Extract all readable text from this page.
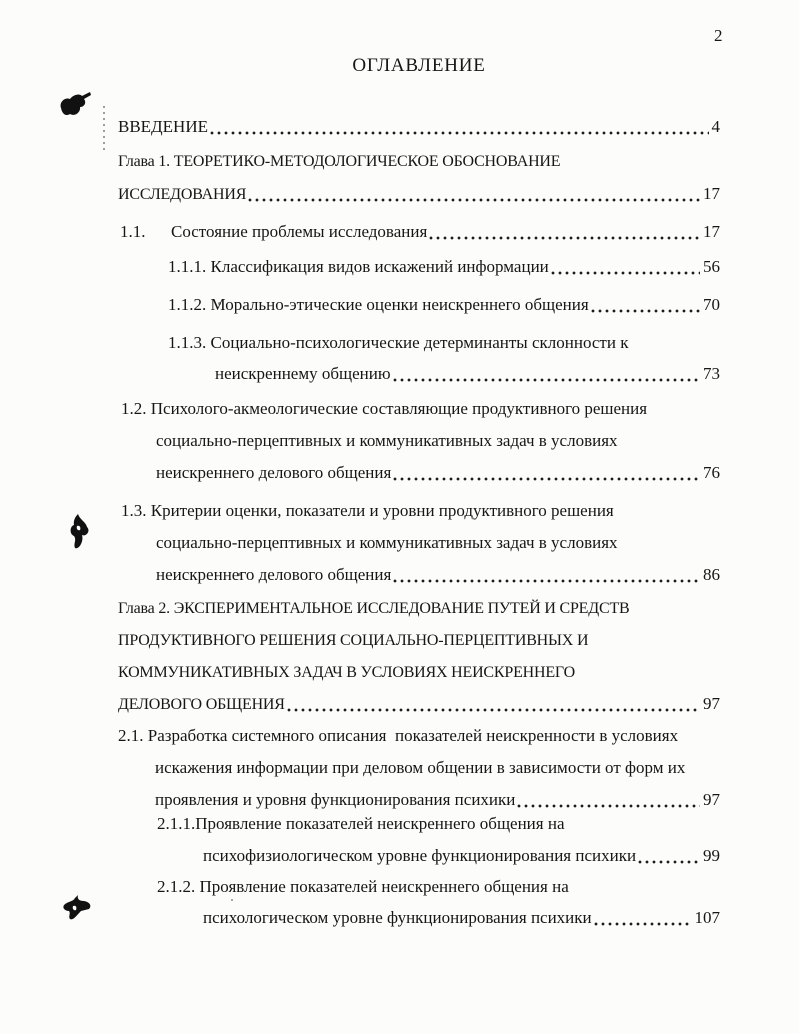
2
ОГЛАВЛЕНИЕ
ВВЕДЕНИЕ	4
Глава 1. ТЕОРЕТИКО-МЕТОДОЛОГИЧЕСКОЕ ОБОСНОВАНИЕ
ИССЛЕДОВАНИЯ	17
1.1.      Состояние проблемы исследования	17
1.1.1. Классификация видов искажений информации	56
1.1.2. Морально-этические оценки неискреннего общения	70
1.1.3. Социально-психологические детерминанты склонности к
неискреннему общению	73
1.2. Психолого-акмеологические составляющие продуктивного решения
социально-перцептивных и коммуникативных задач в условиях
неискреннего делового общения	76
1.3. Критерии оценки, показатели и уровни продуктивного решения
социально-перцептивных и коммуникативных задач в условиях
неискреннего делового общения	86
Глава 2. ЭКСПЕРИМЕНТАЛЬНОЕ ИССЛЕДОВАНИЕ ПУТЕЙ И СРЕДСТВ
ПРОДУКТИВНОГО РЕШЕНИЯ СОЦИАЛЬНО-ПЕРЦЕПТИВНЫХ И
КОММУНИКАТИВНЫХ ЗАДАЧ В УСЛОВИЯХ НЕИСКРЕННЕГО
ДЕЛОВОГО ОБЩЕНИЯ	97
2.1. Разработка системного описания  показателей неискренности в условиях
искажения информации при деловом общении в зависимости от форм их
проявления и уровня функционирования психики	97
2.1.1.Проявление показателей неискреннего общения на
психофизиологическом уровне функционирования психики	99
2.1.2. Проявление показателей неискреннего общения на
психологическом уровне функционирования психики	107
